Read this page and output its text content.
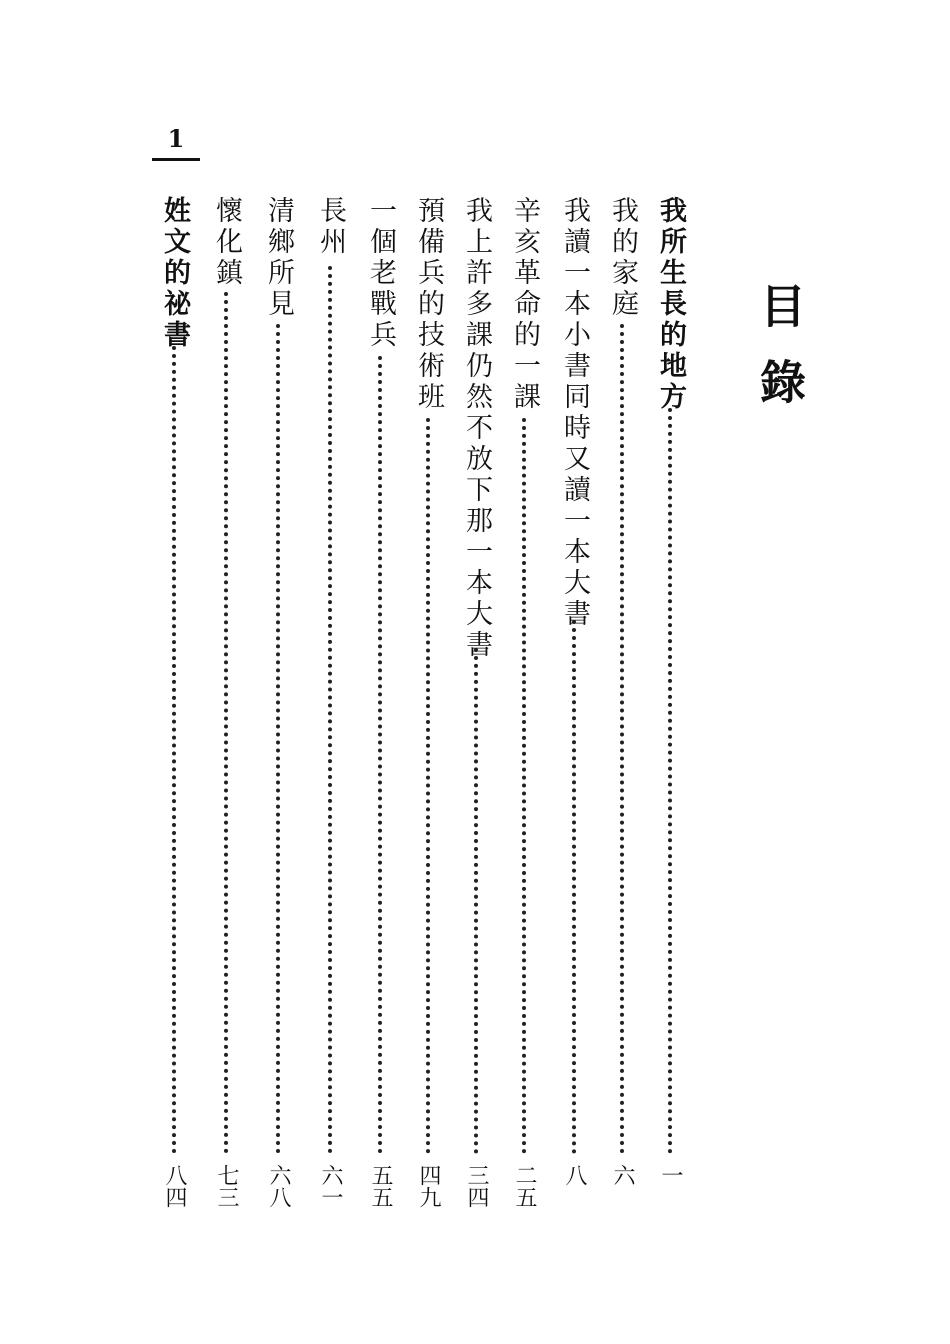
1
目錄
我所生長的地方
一
我的家庭
六
我讀一本小書同時又讀一本大書
八
辛亥革命的一課
二五
我上許多課仍然不放下那一本大書
三四
預備兵的技術班
四九
一個老戰兵
五五
長州
六一
清鄉所見
六八
懷化鎮
七三
姓文的祕書
八四
